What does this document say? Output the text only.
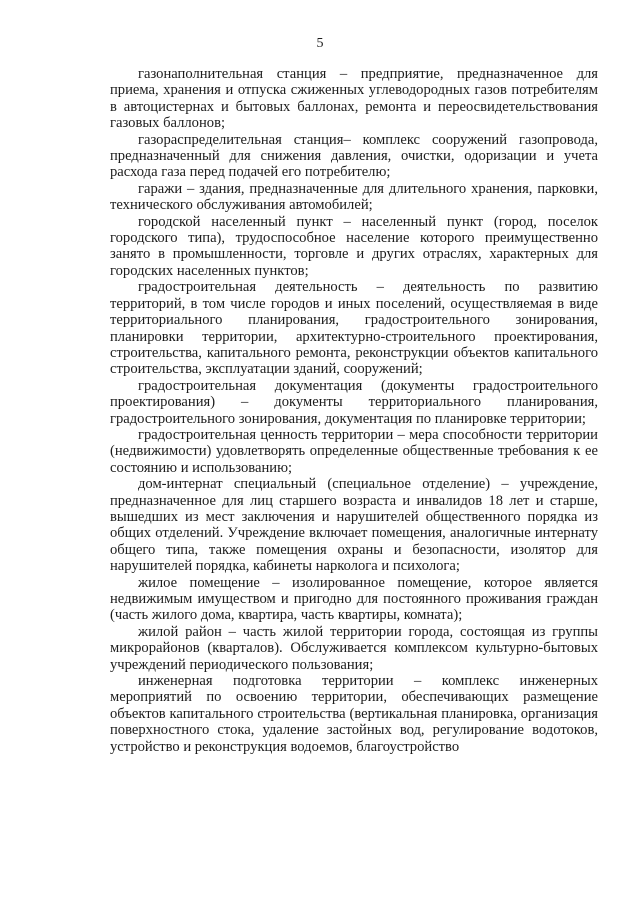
5

газонаполнительная станция – предприятие, предназначенное для приема, хранения и отпуска сжиженных углеводородных газов потребителям в автоцистернах и бытовых баллонах, ремонта и переосвидетельствования газовых баллонов;

газораспределительная станция– комплекс сооружений газопровода, предназначенный для снижения давления, очистки, одоризации и учета расхода газа перед подачей его потребителю;

гаражи – здания, предназначенные для длительного хранения, парковки, технического обслуживания автомобилей;

городской населенный пункт – населенный пункт (город, поселок городского типа), трудоспособное население которого преимущественно занято в промышленности, торговле и других отраслях, характерных для городских населенных пунктов;

градостроительная деятельность – деятельность по развитию территорий, в том числе городов и иных поселений, осуществляемая в виде территориального планирования, градостроительного зонирования, планировки территории, архитектурно-строительного проектирования, строительства, капитального ремонта, реконструкции объектов капитального строительства, эксплуатации зданий, сооружений;

градостроительная документация (документы градостроительного проектирования) – документы территориального планирования, градостроительного зонирования, документация по планировке территории;

градостроительная ценность территории – мера способности территории (недвижимости) удовлетворять определенные общественные требования к ее состоянию и использованию;

дом-интернат специальный (специальное отделение) – учреждение, предназначенное для лиц старшего возраста и инвалидов 18 лет и старше, вышедших из мест заключения и нарушителей общественного порядка из общих отделений. Учреждение включает помещения, аналогичные интернату общего типа, также помещения охраны и безопасности, изолятор для нарушителей порядка, кабинеты нарколога и психолога;

жилое помещение – изолированное помещение, которое является недвижимым имуществом и пригодно для постоянного проживания граждан (часть жилого дома, квартира, часть квартиры, комната);

жилой район – часть жилой территории города, состоящая из группы микрорайонов (кварталов). Обслуживается комплексом культурно-бытовых учреждений периодического пользования;

инженерная подготовка территории – комплекс инженерных мероприятий по освоению территории, обеспечивающих размещение объектов капитального строительства (вертикальная планировка, организация поверхностного стока, удаление застойных вод, регулирование водотоков, устройство и реконструкция водоемов, благоустройство
